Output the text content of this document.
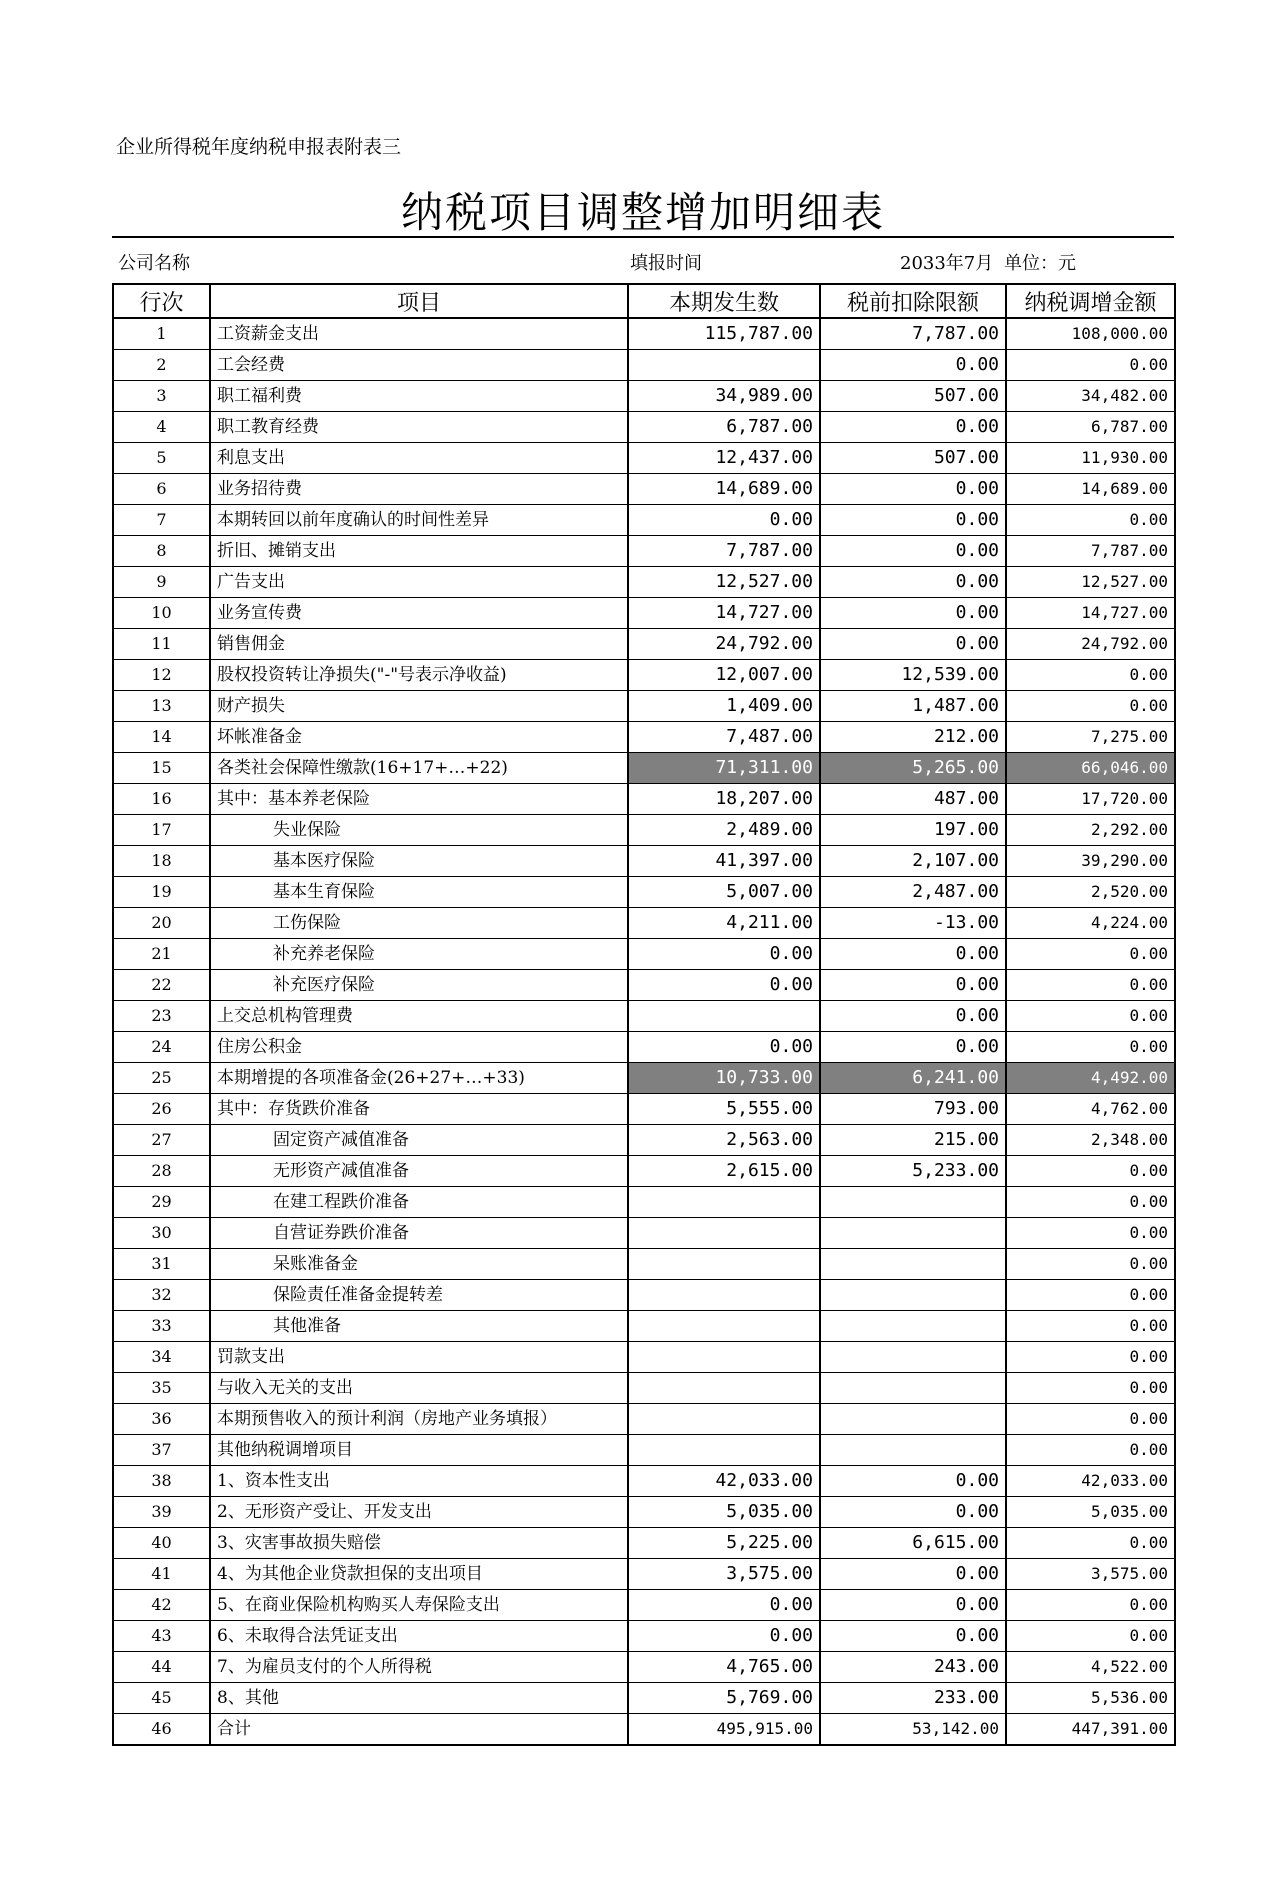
企业所得税年度纳税申报表附表三
纳税项目调整增加明细表
公司名称	填报时间	2033年7月 单位：元
行次	项目	本期发生数	税前扣除限额	纳税调增金额
1	工资薪金支出	115,787.00	7,787.00	108,000.00
2	工会经费		0.00	0.00
3	职工福利费	34,989.00	507.00	34,482.00
4	职工教育经费	6,787.00	0.00	6,787.00
5	利息支出	12,437.00	507.00	11,930.00
6	业务招待费	14,689.00	0.00	14,689.00
7	本期转回以前年度确认的时间性差异	0.00	0.00	0.00
8	折旧、摊销支出	7,787.00	0.00	7,787.00
9	广告支出	12,527.00	0.00	12,527.00
10	业务宣传费	14,727.00	0.00	14,727.00
11	销售佣金	24,792.00	0.00	24,792.00
12	股权投资转让净损失("-"号表示净收益)	12,007.00	12,539.00	0.00
13	财产损失	1,409.00	1,487.00	0.00
14	坏帐准备金	7,487.00	212.00	7,275.00
15	各类社会保障性缴款(16+17+…+22)	71,311.00	5,265.00	66,046.00
16	其中：基本养老保险	18,207.00	487.00	17,720.00
17	失业保险	2,489.00	197.00	2,292.00
18	基本医疗保险	41,397.00	2,107.00	39,290.00
19	基本生育保险	5,007.00	2,487.00	2,520.00
20	工伤保险	4,211.00	-13.00	4,224.00
21	补充养老保险	0.00	0.00	0.00
22	补充医疗保险	0.00	0.00	0.00
23	上交总机构管理费		0.00	0.00
24	住房公积金	0.00	0.00	0.00
25	本期增提的各项准备金(26+27+…+33)	10,733.00	6,241.00	4,492.00
26	其中：存货跌价准备	5,555.00	793.00	4,762.00
27	固定资产减值准备	2,563.00	215.00	2,348.00
28	无形资产减值准备	2,615.00	5,233.00	0.00
29	在建工程跌价准备			0.00
30	自营证券跌价准备			0.00
31	呆账准备金			0.00
32	保险责任准备金提转差			0.00
33	其他准备			0.00
34	罚款支出			0.00
35	与收入无关的支出			0.00
36	本期预售收入的预计利润（房地产业务填报）			0.00
37	其他纳税调增项目			0.00
38	1、资本性支出	42,033.00	0.00	42,033.00
39	2、无形资产受让、开发支出	5,035.00	0.00	5,035.00
40	3、灾害事故损失赔偿	5,225.00	6,615.00	0.00
41	4、为其他企业贷款担保的支出项目	3,575.00	0.00	3,575.00
42	5、在商业保险机构购买人寿保险支出	0.00	0.00	0.00
43	6、未取得合法凭证支出	0.00	0.00	0.00
44	7、为雇员支付的个人所得税	4,765.00	243.00	4,522.00
45	8、其他	5,769.00	233.00	5,536.00
46	合计	495,915.00	53,142.00	447,391.00
